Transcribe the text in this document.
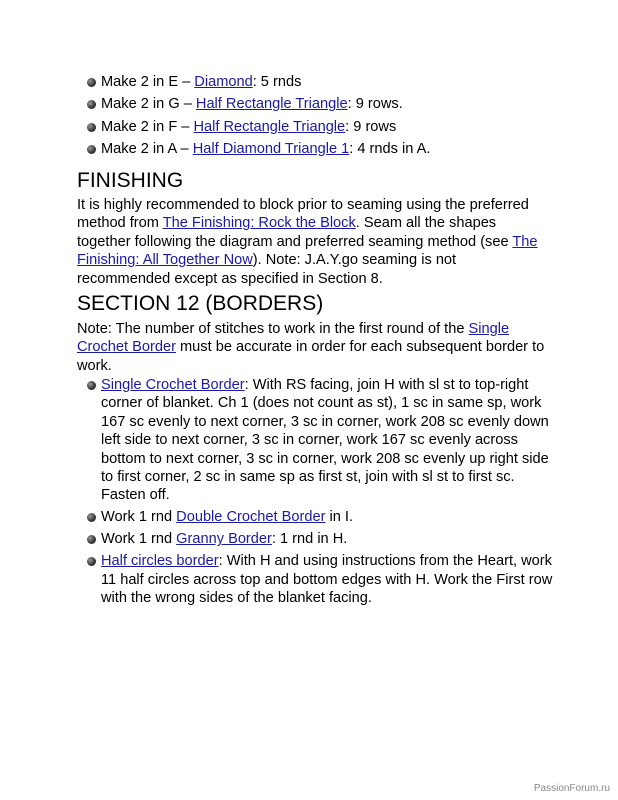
Make 2 in E – Diamond: 5 rnds
Make 2 in G – Half Rectangle Triangle: 9 rows.
Make 2 in F – Half Rectangle Triangle: 9 rows
Make 2 in A – Half Diamond Triangle 1: 4 rnds in A.
FINISHING

It is highly recommended to block prior to seaming using the preferred method from The Finishing: Rock the Block. Seam all the shapes together following the diagram and preferred seaming method (see The Finishing: All Together Now). Note: J.A.Y.go seaming is not recommended except as specified in Section 8.

SECTION 12 (BORDERS)

Note: The number of stitches to work in the first round of the Single Crochet Border must be accurate in order for each subsequent border to work.

Single Crochet Border: With RS facing, join H with sl st to top-right corner of blanket. Ch 1 (does not count as st), 1 sc in same sp, work 167 sc evenly to next corner, 3 sc in corner, work 208 sc evenly down left side to next corner, 3 sc in corner, work 167 sc evenly across bottom to next corner, 3 sc in corner, work 208 sc evenly up right side to first corner, 2 sc in same sp as first st, join with sl st to first sc. Fasten off.
Work 1 rnd Double Crochet Border in I.
Work 1 rnd Granny Border: 1 rnd in H.
Half circles border: With H and using instructions from the Heart, work 11 half circles across top and bottom edges with H. Work the First row with the wrong sides of the blanket facing.
PassionForum.ru
